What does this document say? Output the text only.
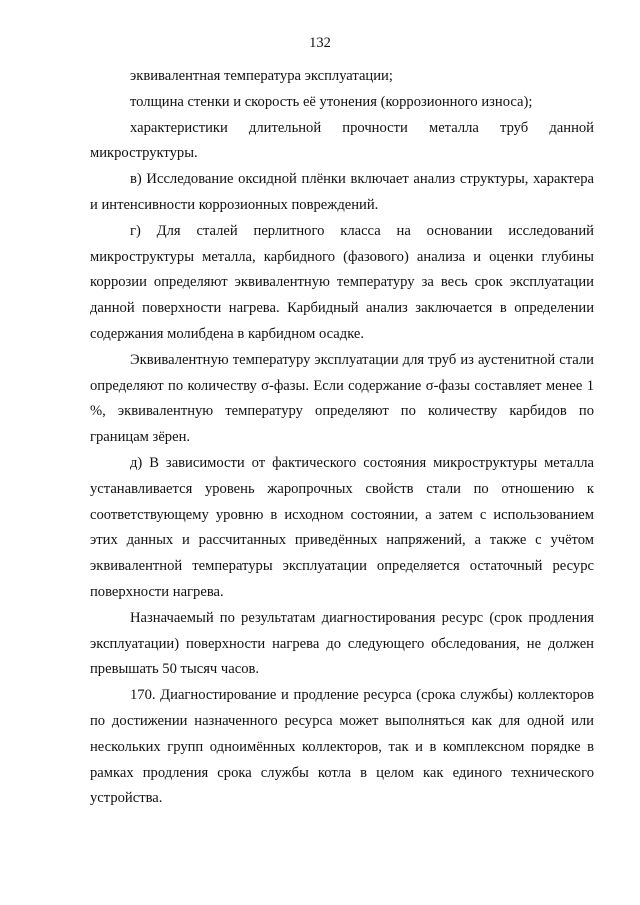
132

эквивалентная температура эксплуатации;

толщина стенки и скорость её утонения (коррозионного износа);

характеристики длительной прочности металла труб данной микроструктуры.

в) Исследование оксидной плёнки включает анализ структуры, характера и интенсивности коррозионных повреждений.

г) Для сталей перлитного класса на основании исследований микроструктуры металла, карбидного (фазового) анализа и оценки глубины коррозии определяют эквивалентную температуру за весь срок эксплуатации данной поверхности нагрева. Карбидный анализ заключается в определении содержания молибдена в карбидном осадке.

Эквивалентную температуру эксплуатации для труб из аустенитной стали определяют по количеству σ-фазы. Если содержание σ-фазы составляет менее 1 %, эквивалентную температуру определяют по количеству карбидов по границам зёрен.

д) В зависимости от фактического состояния микроструктуры металла устанавливается уровень жаропрочных свойств стали по отношению к соответствующему уровню в исходном состоянии, а затем с использованием этих данных и рассчитанных приведённых напряжений, а также с учётом эквивалентной температуры эксплуатации определяется остаточный ресурс поверхности нагрева.

Назначаемый по результатам диагностирования ресурс (срок продления эксплуатации) поверхности нагрева до следующего обследования, не должен превышать 50 тысяч часов.

170. Диагностирование и продление ресурса (срока службы) коллекторов по достижении назначенного ресурса может выполняться как для одной или нескольких групп одноимённых коллекторов, так и в комплексном порядке в рамках продления срока службы котла в целом как единого технического устройства.
